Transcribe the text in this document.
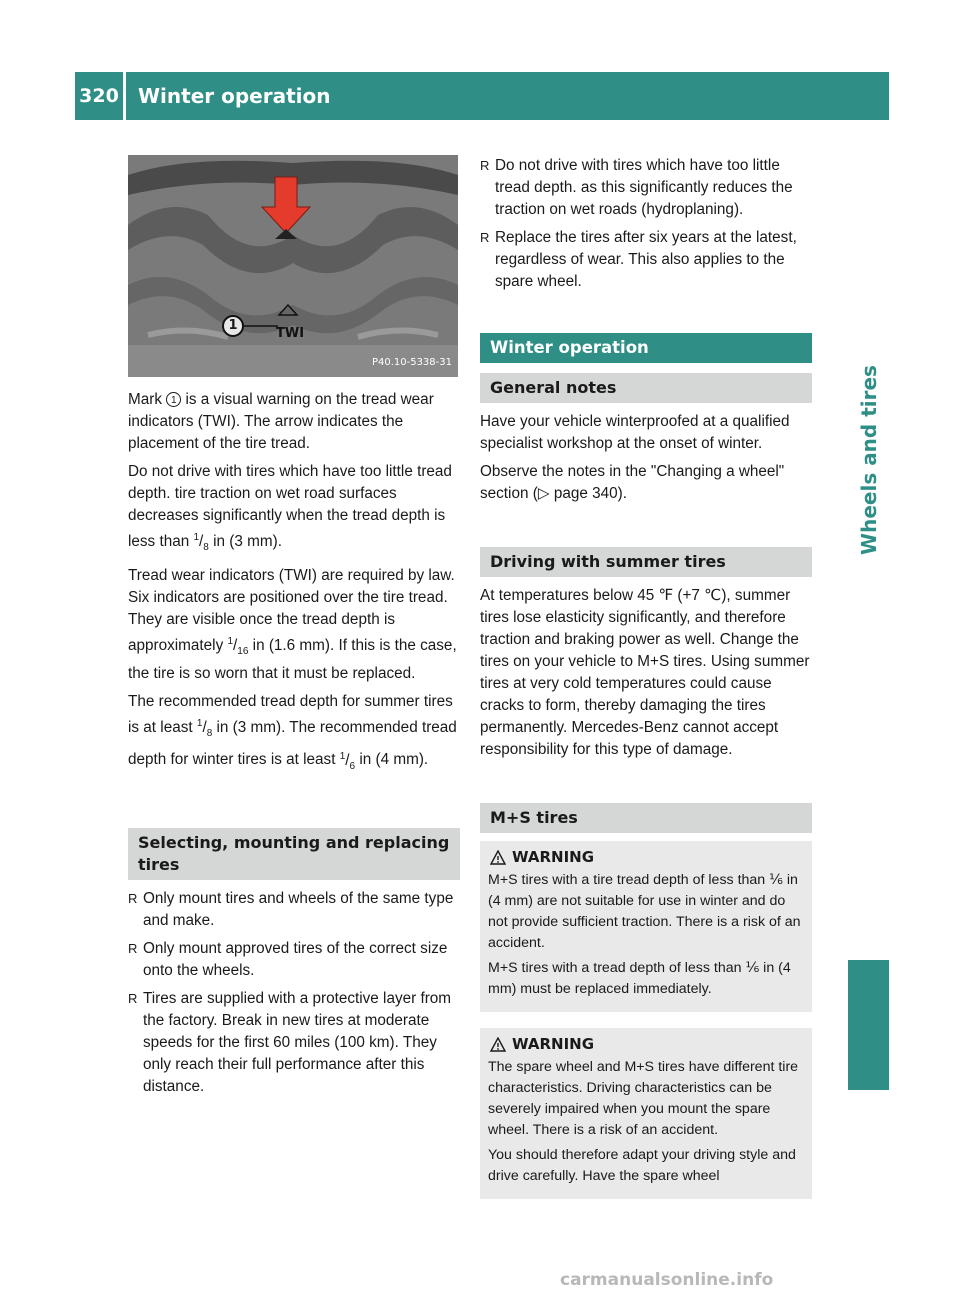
320 Winter operation
Wheels and tires
1
TWI
P40.10-5338-31

Mark 1 is a visual warning on the tread wear indicators (TWI). The arrow indicates the placement of the tire tread.

Do not drive with tires which have too little tread depth. tire traction on wet road surfaces decreases significantly when the tread depth is less than $^1/_8$ in (3 mm).

Tread wear indicators (TWI) are required by law. Six indicators are positioned over the tire tread. They are visible once the tread depth is approximately $^1/_{16}$ in (1.6 mm). If this is the case, the tire is so worn that it must be replaced.

The recommended tread depth for summer tires is at least $^1/_8$ in (3 mm). The recommended tread depth for winter tires is at least $^1/_6$ in (4 mm).

Selecting, mounting and replacing tires
R Only mount tires and wheels of the same type and make.
R Only mount approved tires of the correct size onto the wheels.
R Tires are supplied with a protective layer from the factory. Break in new tires at moderate speeds for the first 60 miles (100 km). They only reach their full performance after this distance.
R Do not drive with tires which have too little tread depth. as this significantly reduces the traction on wet roads (hydroplaning).
R Replace the tires after six years at the latest, regardless of wear. This also applies to the spare wheel.
Winter operation
General notes

Have your vehicle winterproofed at a qualified specialist workshop at the onset of winter.

Observe the notes in the "Changing a wheel" section (▷ page 340).

Driving with summer tires

At temperatures below 45 ℉ (+7 ℃), summer tires lose elasticity significantly, and therefore traction and braking power as well. Change the tires on your vehicle to M+S tires. Using summer tires at very cold temperatures could cause cracks to form, thereby damaging the tires permanently. Mercedes-Benz cannot accept responsibility for this type of damage.

M+S tires
WARNING

M+S tires with a tire tread depth of less than ⅙ in (4 mm) are not suitable for use in winter and do not provide sufficient traction. There is a risk of an accident.

M+S tires with a tread depth of less than ⅙ in (4 mm) must be replaced immediately.

WARNING

The spare wheel and M+S tires have different tire characteristics. Driving characteristics can be severely impaired when you mount the spare wheel. There is a risk of an accident.

You should therefore adapt your driving style and drive carefully. Have the spare wheel

carmanualsonline.info
